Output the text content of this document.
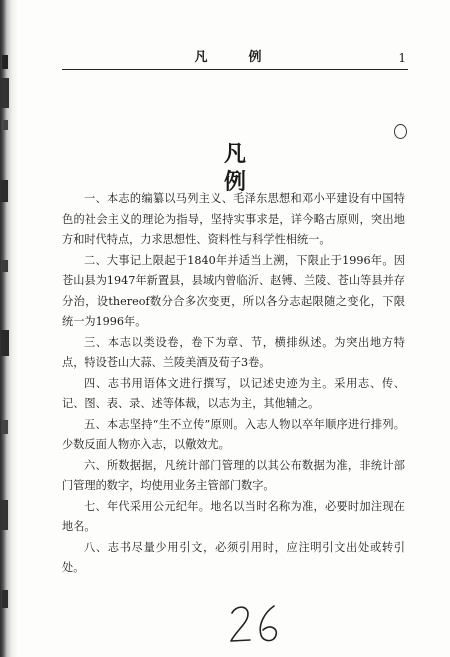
凡　例	1
凡例

一、本志的编纂以马列主义、毛泽东思想和邓小平建设有中国特色的社会主义的理论为指导，坚持实事求是，详今略古原则，突出地方和时代特点，力求思想性、资料性与科学性相统一。

二、大事记上限起于1840年并适当上溯，下限止于1996年。因苍山县为1947年新置县，县域内曾临沂、赵镈、兰陵、苍山等县并存分治，设thereof数分合多次变更，所以各分志起限随之变化，下限统一为1996年。

三、本志以类设卷，卷下为章、节，横排纵述。为突出地方特点，特设苍山大蒜、兰陵美酒及荀子3卷。

四、志书用语体文进行撰写，以记述史迹为主。采用志、传、记、图、表、录、述等体裁，以志为主，其他辅之。

五、本志坚持“生不立传”原则。入志人物以卒年顺序进行排列。少数反面人物亦入志，以儆效尤。

六、所数据据，凡统计部门管理的以其公布数据为准，非统计部门管理的数字，均使用业务主管部门数字。

七、年代采用公元纪年。地名以当时名称为准，必要时加注现在地名。

八、志书尽量少用引文，必须引用时，应注明引文出处或转引处。
